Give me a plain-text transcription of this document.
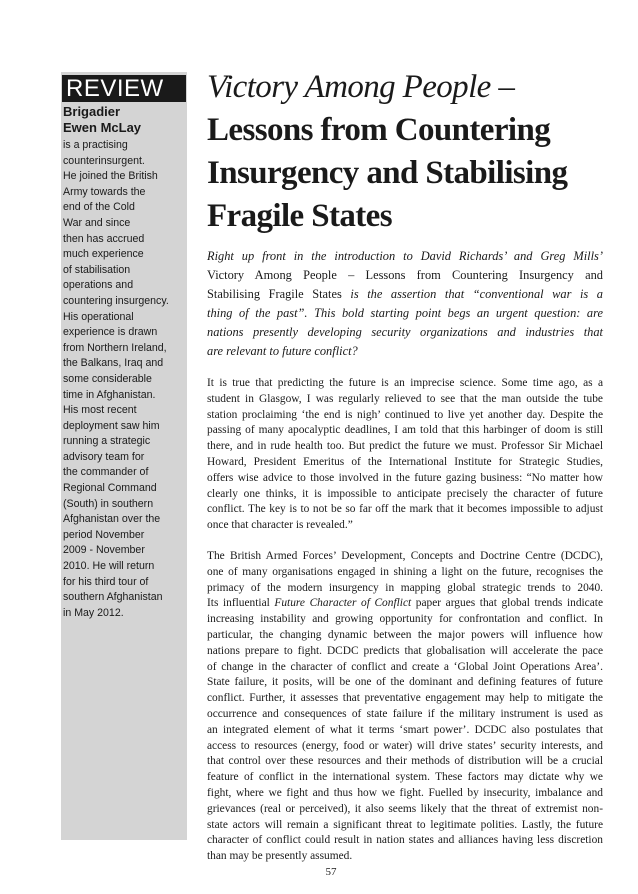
REVIEW
Brigadier
Ewen McLay
is a practising
counterinsurgent.
He joined the British
Army towards the
end of the Cold
War and since
then has accrued
much experience
of stabilisation
operations and
countering insurgency.
His operational
experience is drawn
from Northern Ireland,
the Balkans, Iraq and
some considerable
time in Afghanistan.
His most recent
deployment saw him
running a strategic
advisory team for
the commander of
Regional Command
(South) in southern
Afghanistan over the
period November
2009 - November
2010. He will return
for his third tour of
southern Afghanistan
in May 2012.
Victory Among People –
Lessons from Countering
Insurgency and Stabilising
Fragile States
Right up front in the introduction to David Richards’ and Greg Mills’
Victory Among People – Lessons from Countering Insurgency and
Stabilising Fragile States is the assertion that “conventional war is a
thing of the past”. This bold starting point begs an urgent question: are
nations presently developing security organizations and industries that
are relevant to future conflict?
It is true that predicting the future is an imprecise science. Some time ago, as a
student in Glasgow, I was regularly relieved to see that the man outside the tube
station proclaiming ‘the end is nigh’ continued to live yet another day. Despite the
passing of many apocalyptic deadlines, I am told that this harbinger of doom is still
there, and in rude health too. But predict the future we must. Professor Sir Michael
Howard, President Emeritus of the International Institute for Strategic Studies,
offers wise advice to those involved in the future gazing business: “No matter how
clearly one thinks, it is impossible to anticipate precisely the character of future
conflict. The key is to not be so far off the mark that it becomes impossible to adjust
once that character is revealed.”
The British Armed Forces’ Development, Concepts and Doctrine Centre (DCDC),
one of many organisations engaged in shining a light on the future, recognises the
primacy of the modern insurgency in mapping global strategic trends to 2040.
Its influential Future Character of Conflict paper argues that global trends indicate
increasing instability and growing opportunity for confrontation and conflict. In
particular, the changing dynamic between the major powers will influence how
nations prepare to fight. DCDC predicts that globalisation will accelerate the pace
of change in the character of conflict and create a ‘Global Joint Operations Area’.
State failure, it posits, will be one of the dominant and defining features of future
conflict. Further, it assesses that preventative engagement may help to mitigate the
occurrence and consequences of state failure if the military instrument is used as
an integrated element of what it terms ‘smart power’. DCDC also postulates that
access to resources (energy, food or water) will drive states’ security interests, and
that control over these resources and their methods of distribution will be a crucial
feature of conflict in the international system. These factors may dictate why we
fight, where we fight and thus how we fight. Fuelled by insecurity, imbalance and
grievances (real or perceived), it also seems likely that the threat of extremist non-
state actors will remain a significant threat to legitimate polities. Lastly, the future
character of conflict could result in nation states and alliances having less discretion
than may be presently assumed.
57
